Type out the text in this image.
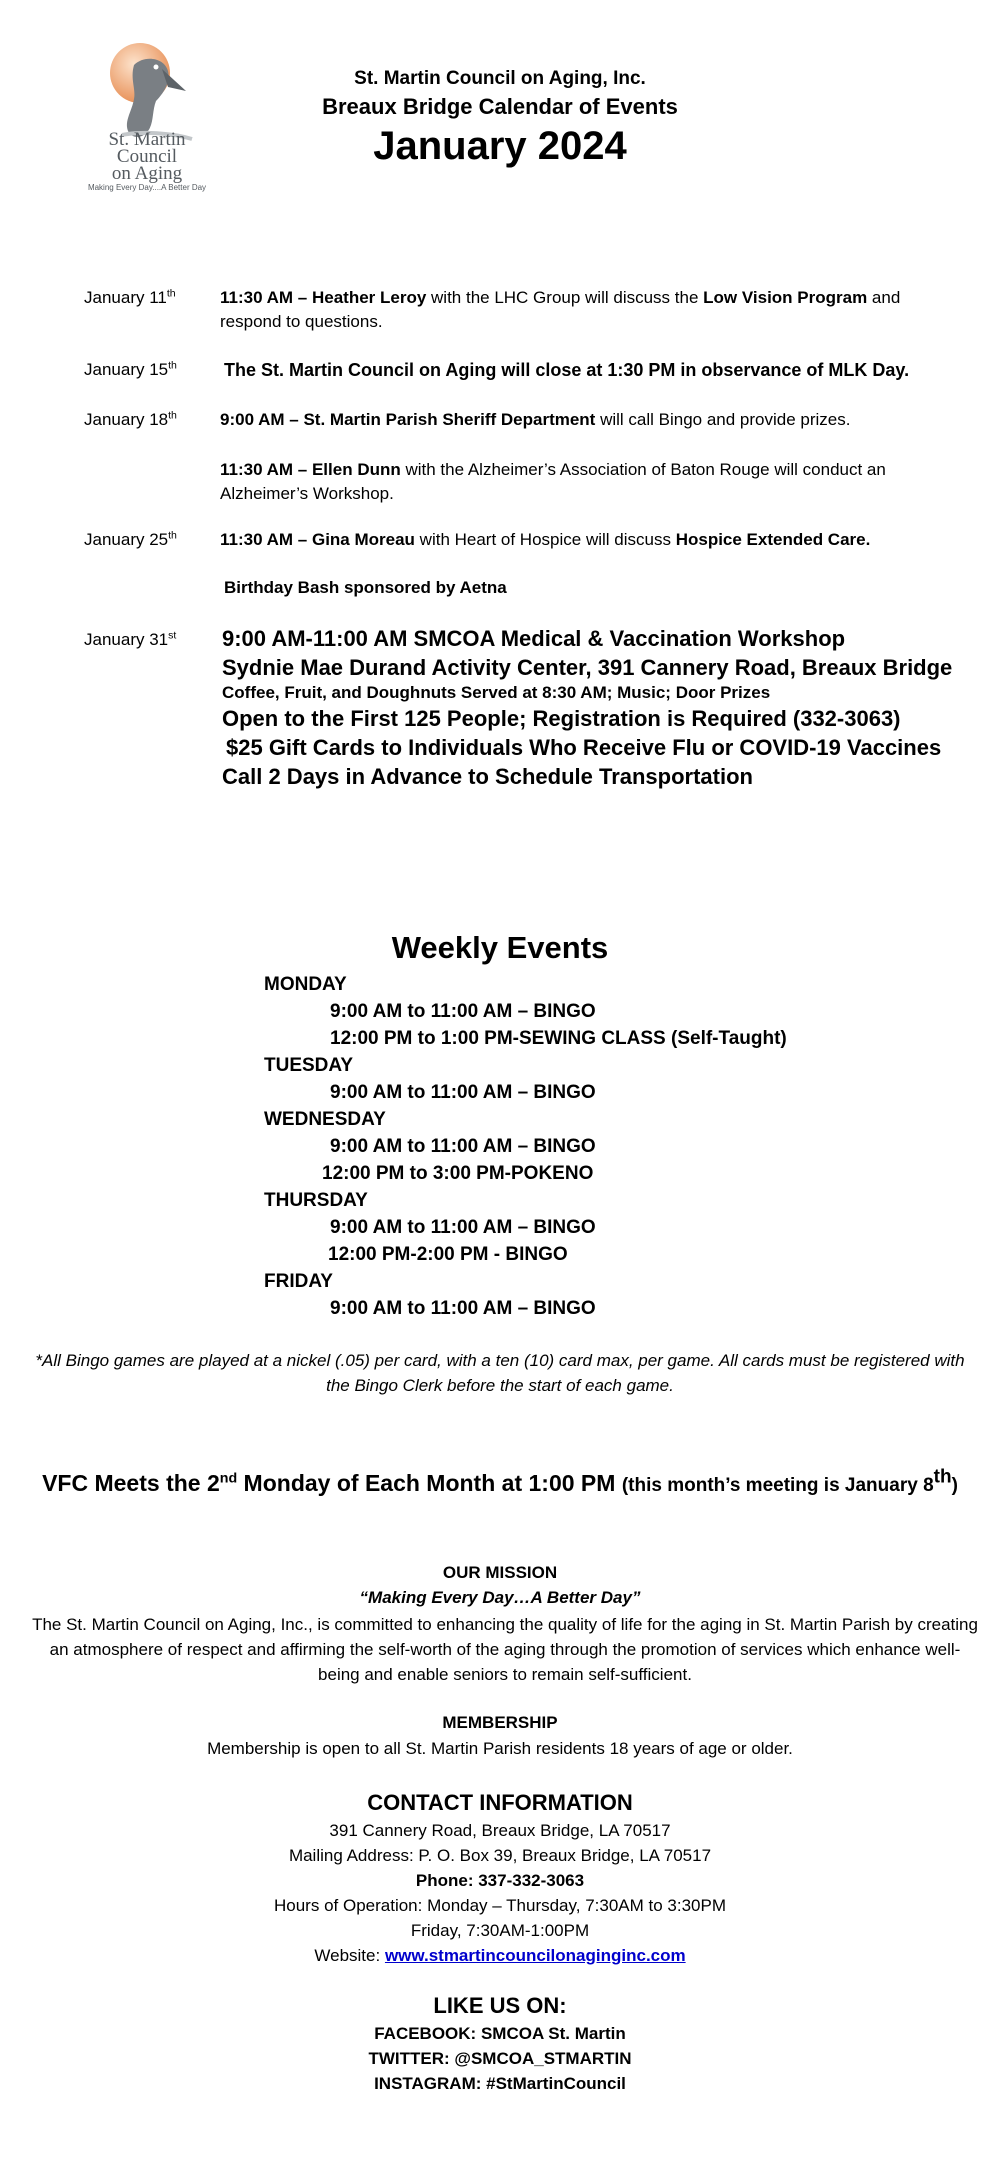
St. Martin
Council
on Aging
Making Every Day....A Better Day
St. Martin Council on Aging, Inc.
Breaux Bridge Calendar of Events
January 2024
January 11th	11:30 AM – Heather Leroy with the LHC Group will discuss the Low Vision Program and respond to questions.
January 15th	The St. Martin Council on Aging will close at 1:30 PM in observance of MLK Day.
January 18th	9:00 AM – St. Martin Parish Sheriff Department will call Bingo and provide prizes.
11:30 AM – Ellen Dunn with the Alzheimer’s Association of Baton Rouge will conduct an Alzheimer’s Workshop.
January 25th	11:30 AM – Gina Moreau with Heart of Hospice will discuss Hospice Extended Care.
Birthday Bash sponsored by Aetna
January 31st 9:00 AM-11:00 AM SMCOA Medical & Vaccination Workshop
Sydnie Mae Durand Activity Center, 391 Cannery Road, Breaux Bridge
Coffee, Fruit, and Doughnuts Served at 8:30 AM; Music; Door Prizes
Open to the First 125 People; Registration is Required (332-3063)
$25 Gift Cards to Individuals Who Receive Flu or COVID-19 Vaccines
Call 2 Days in Advance to Schedule Transportation
Weekly Events
MONDAY
9:00 AM to 11:00 AM – BINGO
12:00 PM to 1:00 PM-SEWING CLASS (Self-Taught)
TUESDAY
9:00 AM to 11:00 AM – BINGO
WEDNESDAY
9:00 AM to 11:00 AM – BINGO
12:00 PM to 3:00 PM-POKENO
THURSDAY
9:00 AM to 11:00 AM – BINGO
12:00 PM-2:00 PM - BINGO
FRIDAY
9:00 AM to 11:00 AM – BINGO
*All Bingo games are played at a nickel (.05) per card, with a ten (10) card max, per game. All cards must be registered with the Bingo Clerk before the start of each game.
VFC Meets the 2nd Monday of Each Month at 1:00 PM (this month’s meeting is January 8th)
OUR MISSION
“Making Every Day…A Better Day”
The St. Martin Council on Aging, Inc., is committed to enhancing the quality of life for the aging in St. Martin Parish by creating an atmosphere of respect and affirming the self-worth of the aging through the promotion of services which enhance well-being and enable seniors to remain self-sufficient.
MEMBERSHIP
Membership is open to all St. Martin Parish residents 18 years of age or older.
CONTACT INFORMATION
391 Cannery Road, Breaux Bridge, LA 70517
Mailing Address: P. O. Box 39, Breaux Bridge, LA 70517
Phone: 337-332-3063
Hours of Operation: Monday – Thursday, 7:30AM to 3:30PM
Friday, 7:30AM-1:00PM
Website: www.stmartincouncilonaginginc.com
LIKE US ON:
FACEBOOK: SMCOA St. Martin
TWITTER: @SMCOA_STMARTIN
INSTAGRAM: #StMartinCouncil
